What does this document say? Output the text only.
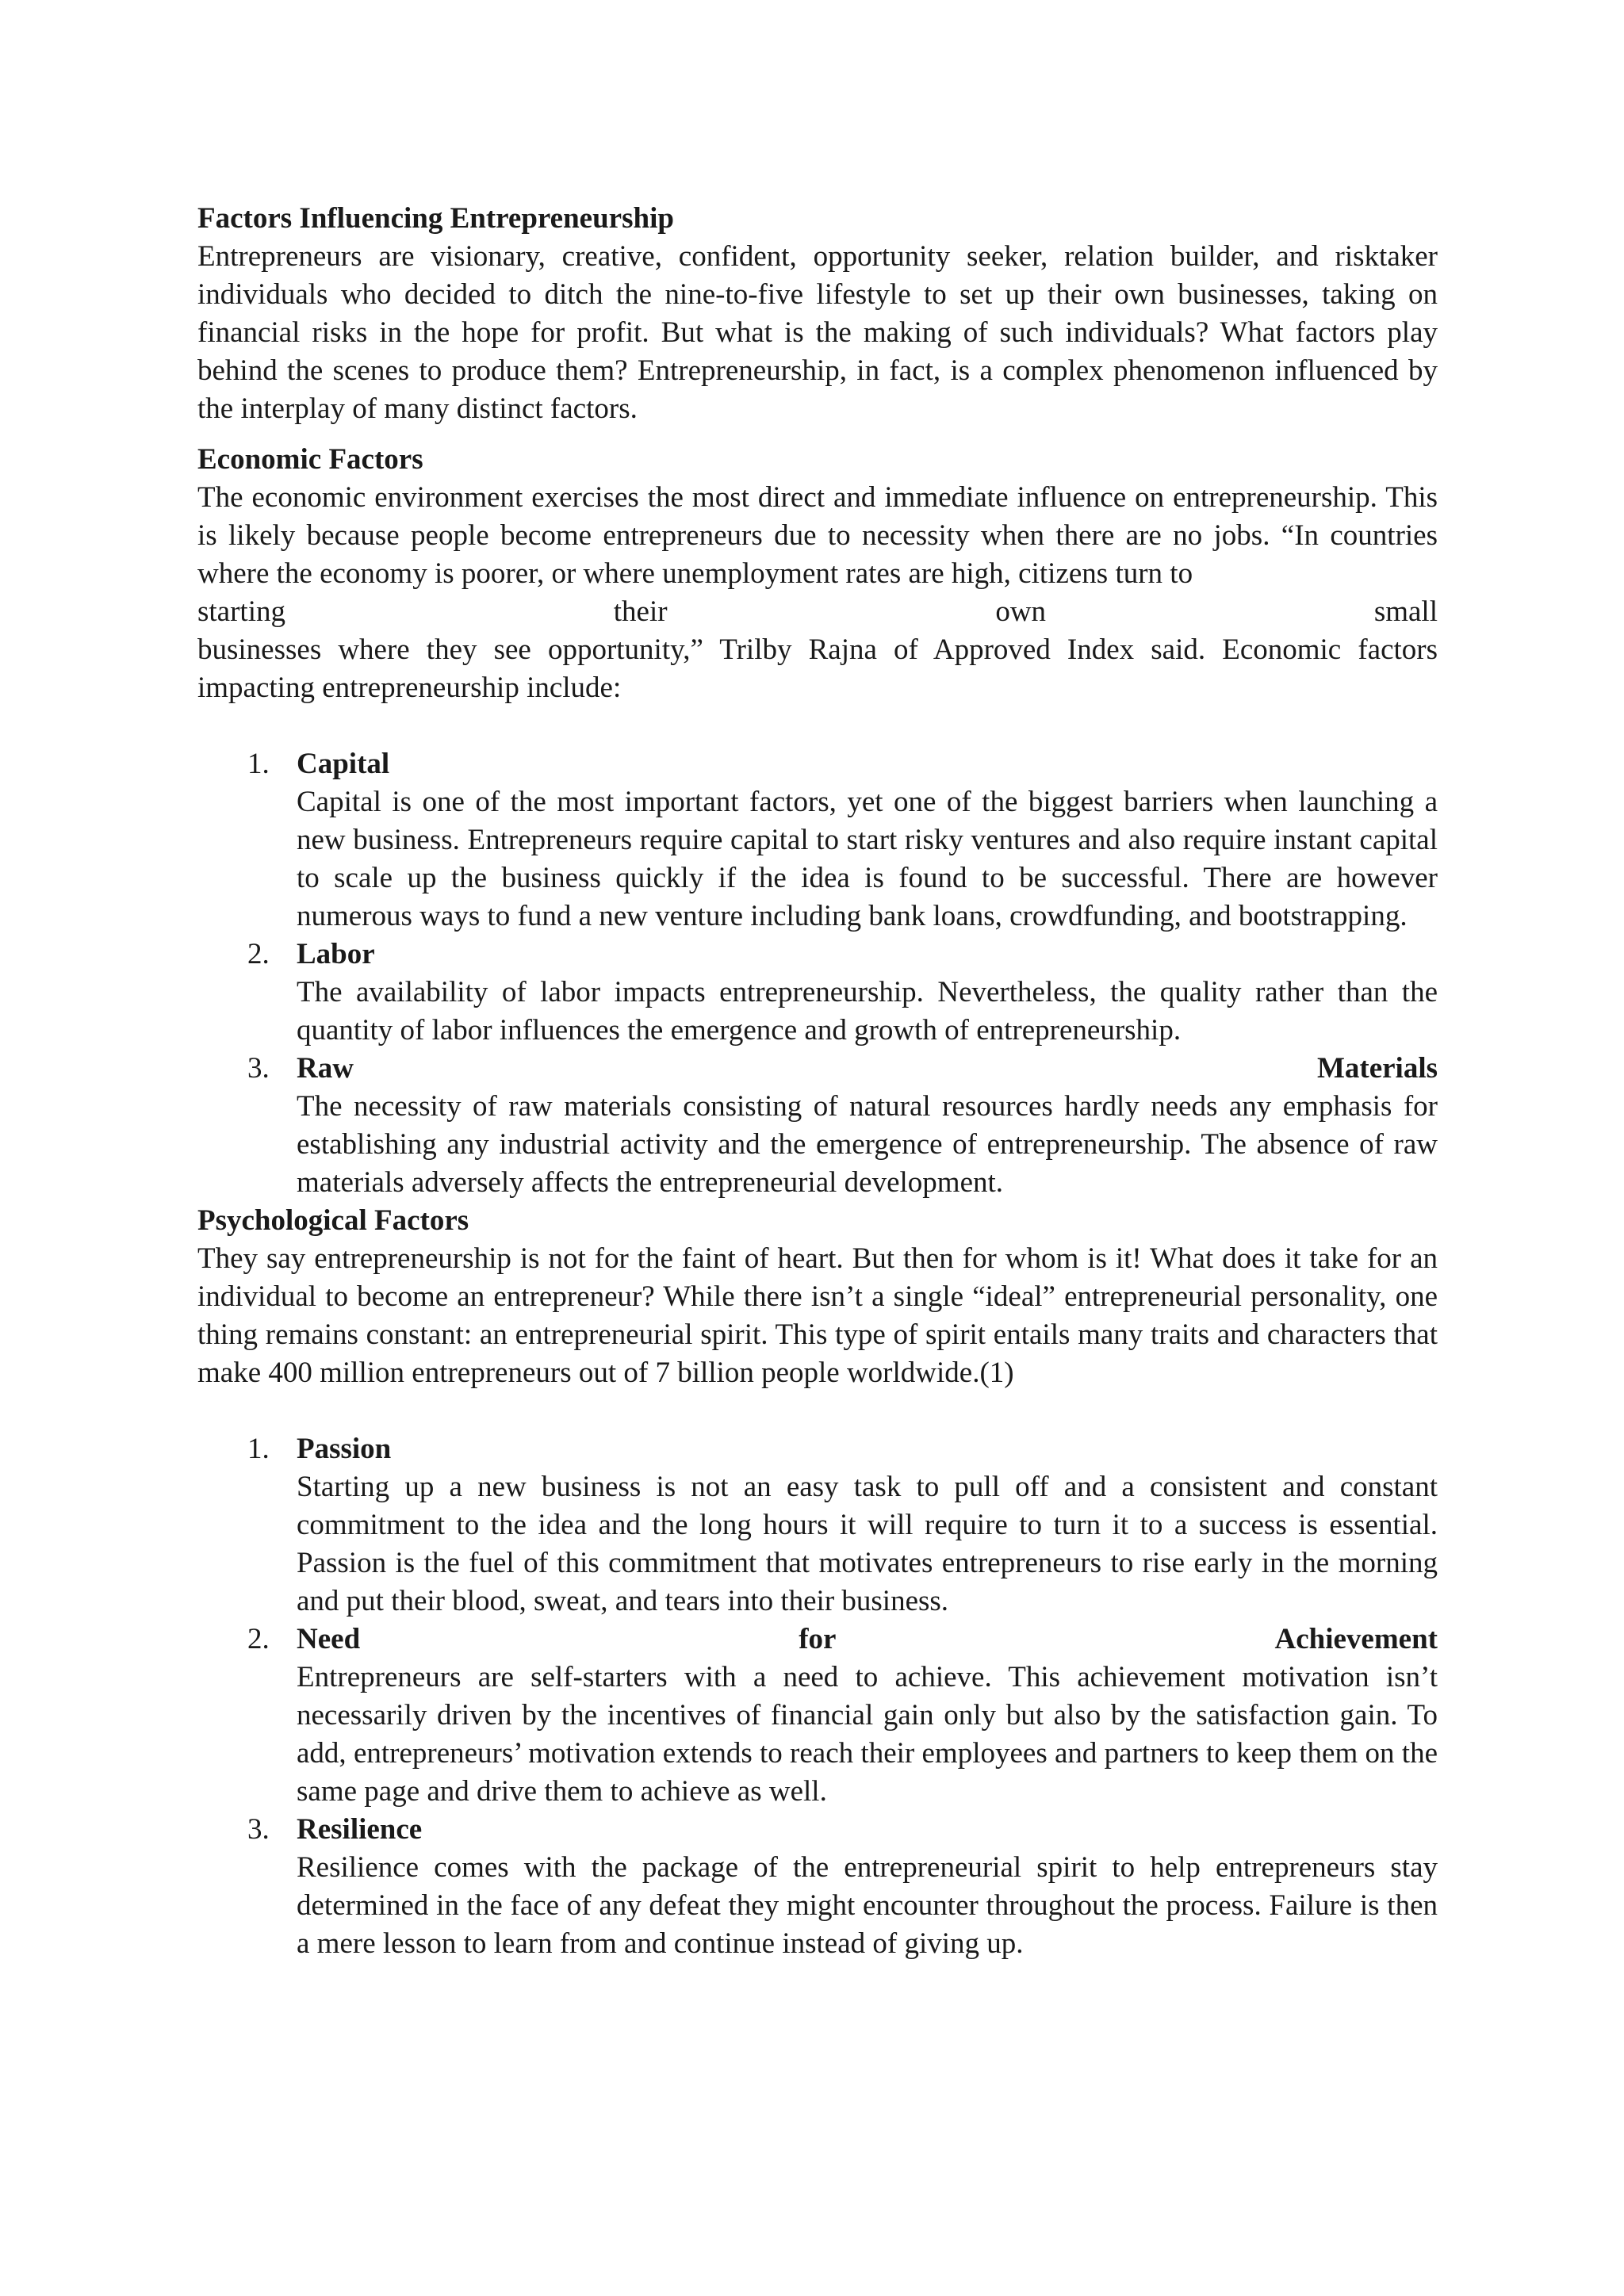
Factors Influencing Entrepreneurship

Entrepreneurs are visionary, creative, confident, opportunity seeker, relation builder, and risktaker individuals who decided to ditch the nine-to-five lifestyle to set up their own businesses, taking on financial risks in the hope for profit. But what is the making of such individuals? What factors play behind the scenes to produce them? Entrepreneurship, in fact, is a complex phenomenon influenced by the interplay of many distinct factors.

Economic Factors

The economic environment exercises the most direct and immediate influence on entrepreneurship. This is likely because people become entrepreneurs due to necessity when there are no jobs. “In countries where the economy is poorer, or where unemployment rates are high, citizens turn to

starting	their	own	small

businesses where they see opportunity,” Trilby Rajna of Approved Index said. Economic factors impacting entrepreneurship include:

1. Capital

Capital is one of the most important factors, yet one of the biggest barriers when launching a new business. Entrepreneurs require capital to start risky ventures and also require instant capital to scale up the business quickly if the idea is found to be successful. There are however numerous ways to fund a new venture including bank loans, crowdfunding, and bootstrapping.

2. Labor

The availability of labor impacts entrepreneurship. Nevertheless, the quality rather than the quantity of labor influences the emergence and growth of entrepreneurship.

3. Raw	Materials

The necessity of raw materials consisting of natural resources hardly needs any emphasis for establishing any industrial activity and the emergence of entrepreneurship. The absence of raw materials adversely affects the entrepreneurial development.

Psychological Factors

They say entrepreneurship is not for the faint of heart. But then for whom is it! What does it take for an individual to become an entrepreneur? While there isn’t a single “ideal” entrepreneurial personality, one thing remains constant: an entrepreneurial spirit. This type of spirit entails many traits and characters that make 400 million entrepreneurs out of 7 billion people worldwide.(1)

1. Passion

Starting up a new business is not an easy task to pull off and a consistent and constant commitment to the idea and the long hours it will require to turn it to a success is essential. Passion is the fuel of this commitment that motivates entrepreneurs to rise early in the morning and put their blood, sweat, and tears into their business.

2. Need	for	Achievement

Entrepreneurs are self-starters with a need to achieve. This achievement motivation isn’t necessarily driven by the incentives of financial gain only but also by the satisfaction gain. To add, entrepreneurs’ motivation extends to reach their employees and partners to keep them on the same page and drive them to achieve as well.

3. Resilience

Resilience comes with the package of the entrepreneurial spirit to help entrepreneurs stay determined in the face of any defeat they might encounter throughout the process. Failure is then a mere lesson to learn from and continue instead of giving up.
